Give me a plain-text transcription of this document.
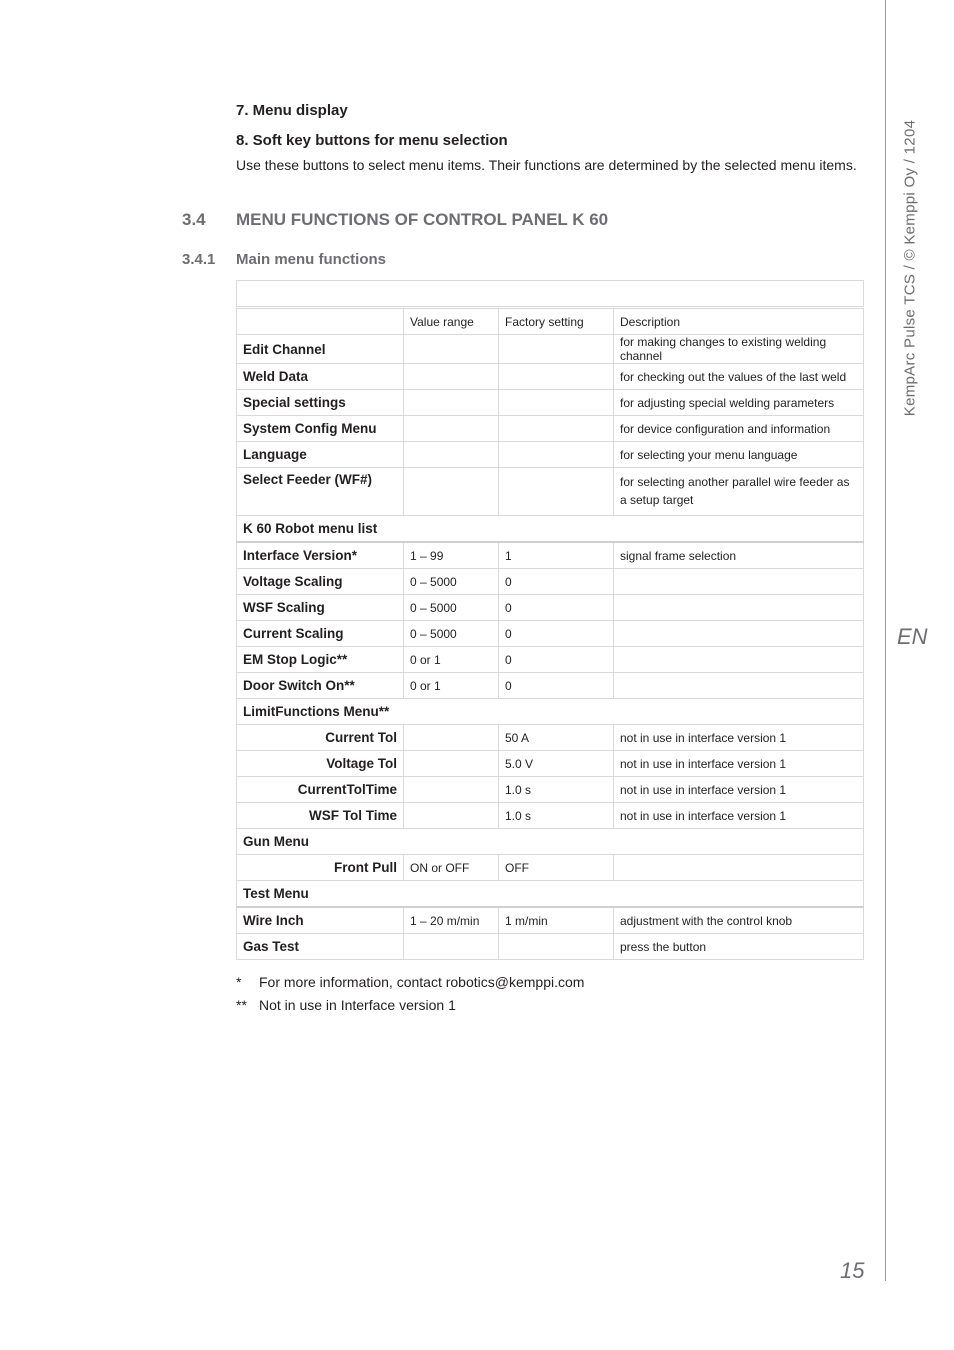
7. Menu display

8. Soft key buttons for menu selection

Use these buttons to select menu items. Their functions are determined by the selected menu items.

3.4 MENU FUNCTIONS OF CONTROL PANEL K 60

3.4.1 Main menu functions

	Value range	Factory setting	Description
Edit Channel			for making changes to existing welding channel
Weld Data			for checking out the values of the last weld
Special settings			for adjusting special welding parameters
System Config Menu			for device configuration and information
Language			for selecting your menu language
Select Feeder (WF#)			for selecting another parallel wire feeder as a setup target
K 60 Robot menu list			
Interface Version*	1 – 99	1	signal frame selection
Voltage Scaling	0 – 5000	0	
WSF Scaling	0 – 5000	0	
Current Scaling	0 – 5000	0	
EM Stop Logic**	0 or 1	0	
Door Switch On**	0 or 1	0	
LimitFunctions Menu**			
Current Tol		50 A	not in use in interface version 1
Voltage Tol		5.0 V	not in use in interface version 1
CurrentTolTime		1.0 s	not in use in interface version 1
WSF Tol Time		1.0 s	not in use in interface version 1
Gun Menu			
Front Pull	ON or OFF	OFF	
Test Menu			
Wire Inch	1 – 20 m/min	1 m/min	adjustment with the control knob
Gas Test			press the button

* For more information, contact robotics@kemppi.com

** Not in use in Interface version 1

KempArc Pulse TCS / © Kemppi Oy / 1204
EN
15
